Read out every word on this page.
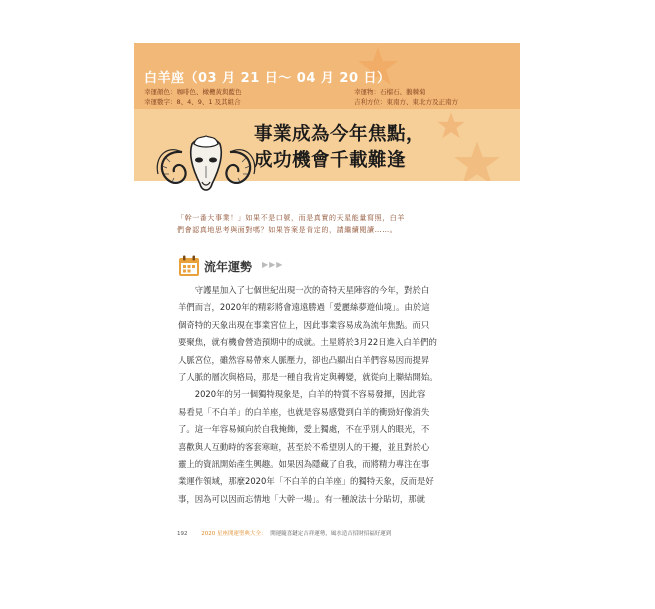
白羊座（03 月 21 日～ 04 月 20 日）
幸運顏色：咖啡色、橄欖黃與藍色
幸運數字：8、4、9、1 及其組合
幸運物：石榴石、鵝棘菊
吉利方位：東南方、東北方及正南方
事業成為今年焦點，
成功機會千載難逢
「幹一番大事業！」如果不是口號，而是真實的天星能量寫照，白羊
們會認真地思考與面對嗎？如果答案是肯定的，請繼續閱讀……。
流年運勢 ▶▶▶
　　守護星加入了七個世紀出現一次的奇特天星陣容的今年，對於白
羊們而言，2020年的精彩將會遠遠勝過「愛麗絲夢遊仙境」。由於這
個奇特的天象出現在事業宮位上，因此事業容易成為流年焦點。而只
要聚焦，就有機會營造預期中的成就。土星將於3月22日進入白羊們的
人脈宮位，雖然容易帶來人脈壓力，卻也凸顯出白羊們容易因而提昇
了人脈的層次與格局，那是一種自我肯定與轉變，就從向上聯結開始。
　　2020年的另一個獨特現象是，白羊的特質不容易發揮，因此容
易看見「不白羊」的白羊座，也就是容易感覺到白羊的衝勁好像消失
了。這一年容易傾向於自我掩飾，愛上獨處，不在乎別人的眼光，不
喜歡與人互動時的客套寒暄，甚至於不希望別人的干擾，並且對於心
靈上的資訊開始產生興趣。如果因為隱藏了自我，而將精力專注在事
業運作領域，那麼2020年「不白羊的白羊座」的獨特天象，反而是好
事，因為可以因而忘情地「大幹一場」。有一種說法十分貼切，那就
192	2020 星座開運聖典大全： 開運隨喜鏈定吉祥運勢，風水造吉招財招福好運到
